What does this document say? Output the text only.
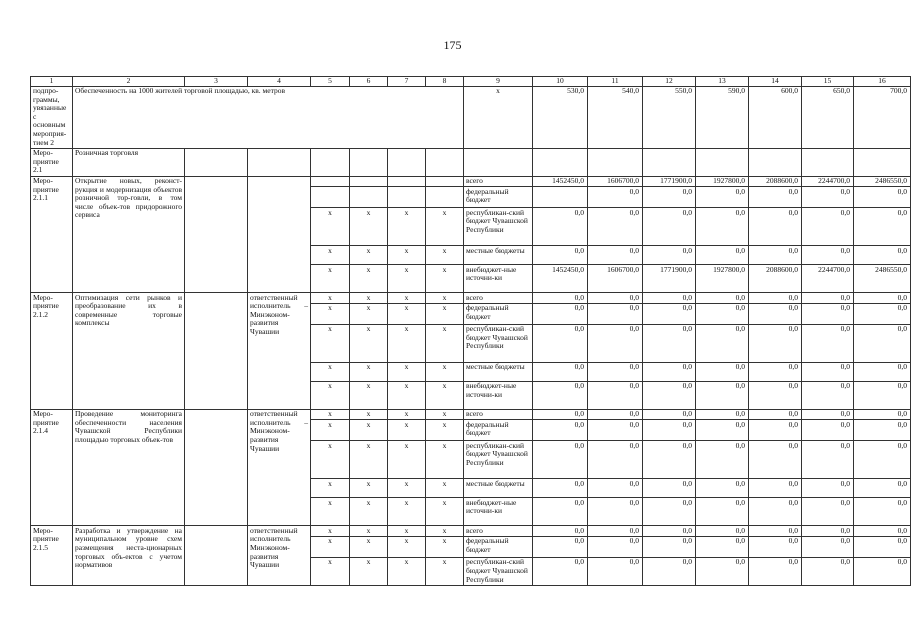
175
1	2	3	4	5	6	7	8	9	10	11	12	13	14	15	16
подпро-граммы, увязанные с основным мероприя-тием 2	Обеспеченность на 1000 жителей торговой площадью, кв. метров							x	530,0	540,0	550,0	590,0	600,0	650,0	700,0
Меро-приятие 2.1	Розничная торговля														
Меро-приятие 2.1.1	Открытие новых, реконст-рукция и модернизация объектов розничной тор-говли, в том числе объек-тов придорожного сервиса							всего	1452450,0	1606700,0	1771900,0	1927800,0	2088600,0	2244700,0	2486550,0
								федеральный бюджет		0,0	0,0	0,0	0,0	0,0	0,0
				x	x	x	x	республикан-ский бюджет Чувашской Республики	0,0	0,0	0,0	0,0	0,0	0,0	0,0
				x	x	x	x	местные бюджеты	0,0	0,0	0,0	0,0	0,0	0,0	0,0
				x	x	x	x	внебюджет-ные источни-ки	1452450,0	1606700,0	1771900,0	1927800,0	2088600,0	2244700,0	2486550,0
Меро-приятие 2.1.2	Оптимизация сети рынков и преобразование их в современные торговые комплексы		ответственный исполнитель – Минэконом-развития Чувашии	x	x	x	x	всего	0,0	0,0	0,0	0,0	0,0	0,0	0,0
				x	x	x	x	федеральный бюджет	0,0	0,0	0,0	0,0	0,0	0,0	0,0
				x	x	x	x	республикан-ский бюджет Чувашской Республики	0,0	0,0	0,0	0,0	0,0	0,0	0,0
				x	x	x	x	местные бюджеты	0,0	0,0	0,0	0,0	0,0	0,0	0,0
				x	x	x	x	внебюджет-ные источни-ки	0,0	0,0	0,0	0,0	0,0	0,0	0,0
Меро-приятие 2.1.4	Проведение мониторинга обеспеченности населения Чувашской Республики площадью торговых объек-тов		ответственный исполнитель – Минэконом-развития Чувашии	x	x	x	x	всего	0,0	0,0	0,0	0,0	0,0	0,0	0,0
				x	x	x	x	федеральный бюджет	0,0	0,0	0,0	0,0	0,0	0,0	0,0
				x	x	x	x	республикан-ский бюджет Чувашской Республики	0,0	0,0	0,0	0,0	0,0	0,0	0,0
				x	x	x	x	местные бюджеты	0,0	0,0	0,0	0,0	0,0	0,0	0,0
				x	x	x	x	внебюджет-ные источни-ки	0,0	0,0	0,0	0,0	0,0	0,0	0,0
Меро-приятие 2.1.5	Разработка и утверждение на муниципальном уровне схем размещения неста-ционарных торговых объ-ектов с учетом нормативов		ответственный исполнитель Минэконом-развития Чувашии	x	x	x	x	всего	0,0	0,0	0,0	0,0	0,0	0,0	0,0
				x	x	x	x	федеральный бюджет	0,0	0,0	0,0	0,0	0,0	0,0	0,0
				x	x	x	x	республикан-ский бюджет Чувашской Республики	0,0	0,0	0,0	0,0	0,0	0,0	0,0
